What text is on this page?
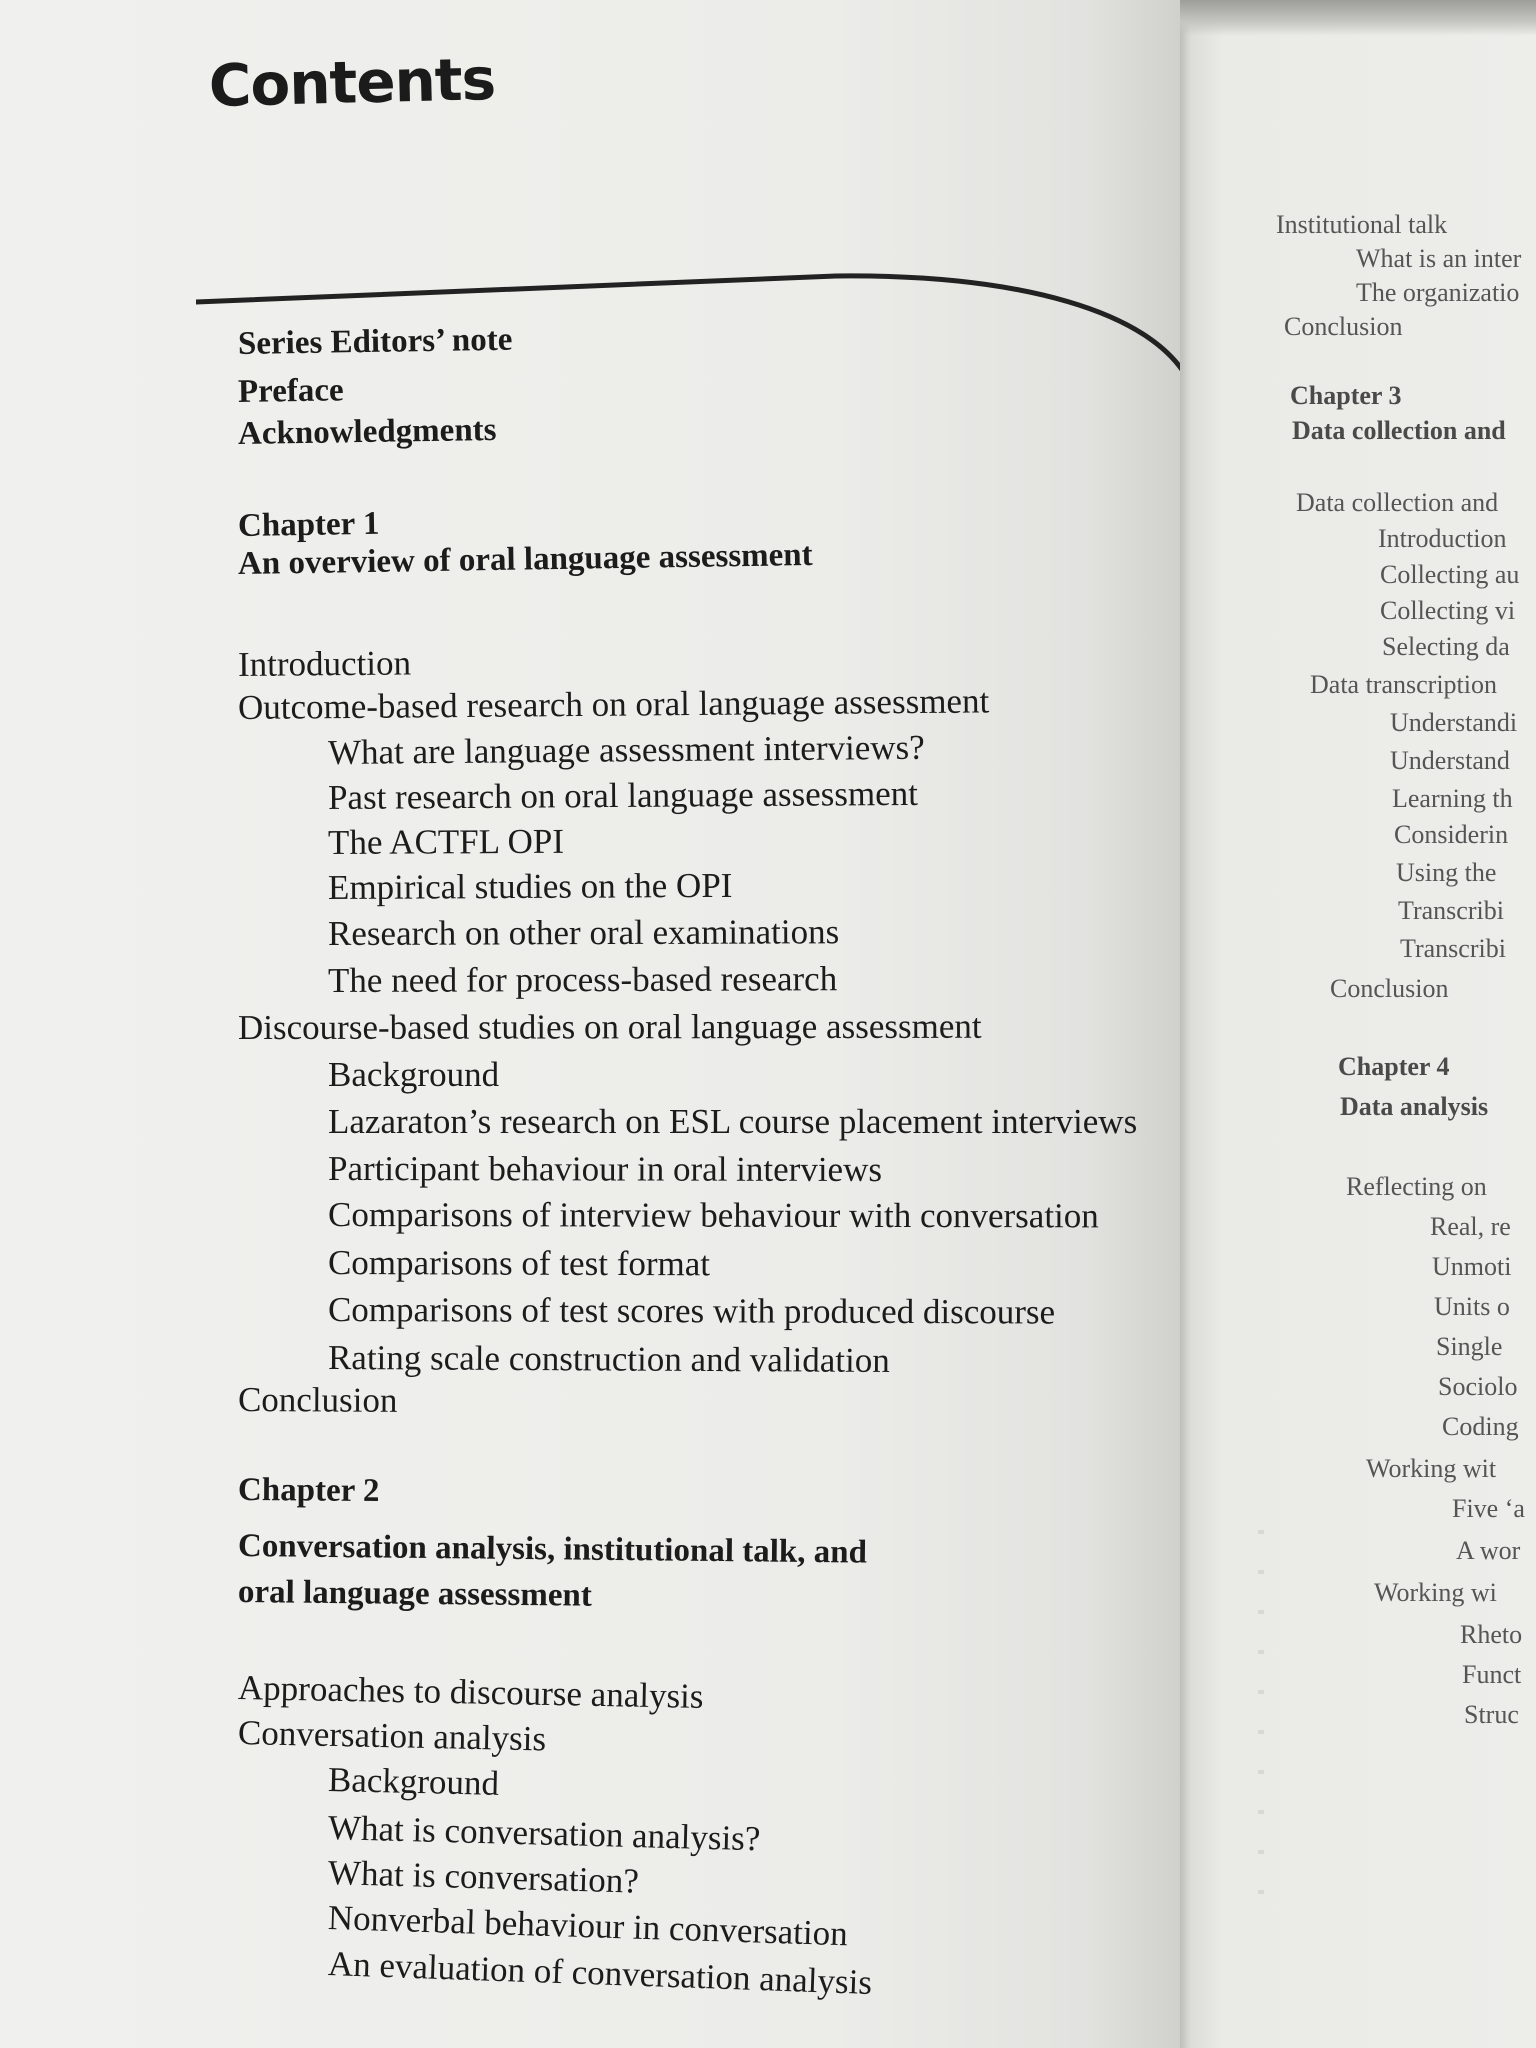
Contents
Series Editors’ note
Preface
Acknowledgments
Chapter 1
An overview of oral language assessment
Introduction
Outcome-based research on oral language assessment
What are language assessment interviews?
Past research on oral language assessment
The ACTFL OPI
Empirical studies on the OPI
Research on other oral examinations
The need for process-based research
Discourse-based studies on oral language assessment
Background
Lazaraton’s research on ESL course placement interviews
Participant behaviour in oral interviews
Comparisons of interview behaviour with conversation
Comparisons of test format
Comparisons of test scores with produced discourse
Rating scale construction and validation
Conclusion
Chapter 2
Conversation analysis, institutional talk, and
oral language assessment
Approaches to discourse analysis
Conversation analysis
Background
What is conversation analysis?
What is conversation?
Nonverbal behaviour in conversation
An evaluation of conversation analysis
Institutional talk
What is an inter
The organizatio
Conclusion
Chapter 3
Data collection and
Data collection and
Introduction
Collecting au
Collecting vi
Selecting da
Data transcription
Understandi
Understand
Learning th
Considerin
Using the
Transcribi
Transcribi
Conclusion
Chapter 4
Data analysis
Reflecting on
Real, re
Unmoti
Units o
Single
Sociolo
Coding
Working wit
Five ‘a
A wor
Working wi
Rheto
Funct
Struc
